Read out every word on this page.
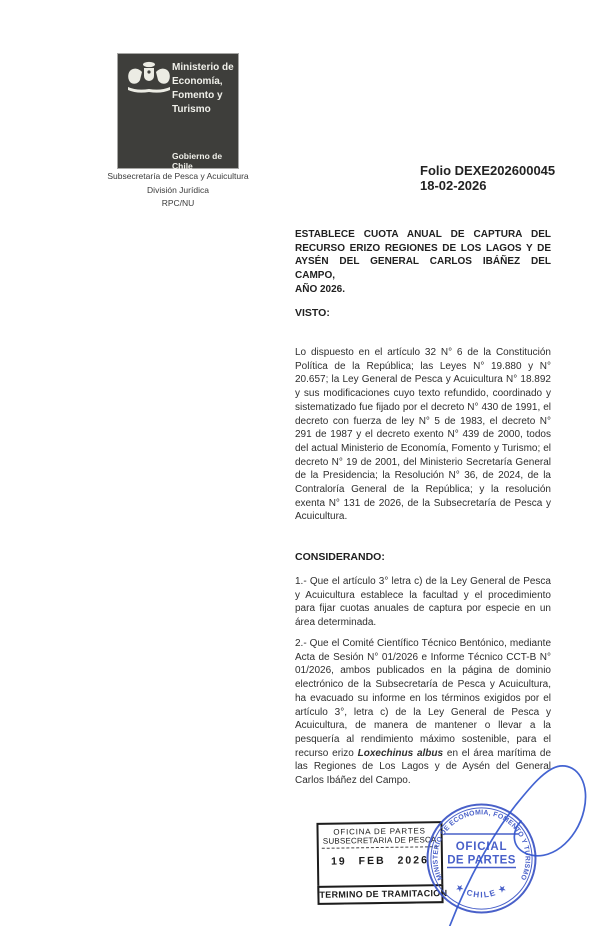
Ministerio de
Economía,
Fomento y
Turismo
Gobierno de Chile
Subsecretaría de Pesca y Acuicultura
División Jurídica
RPC/NU
Folio DEXE202600045
18-02-2026
ESTABLECE CUOTA ANUAL DE CAPTURA DEL
RECURSO ERIZO REGIONES DE LOS LAGOS Y DE
AYSÉN DEL GENERAL CARLOS IBÁÑEZ DEL CAMPO,
AÑO 2026.
VISTO:
Lo dispuesto en el artículo 32 N° 6 de la Constitución Política de la República; las Leyes N° 19.880 y N° 20.657; la Ley General de Pesca y Acuicultura N° 18.892 y sus modificaciones cuyo texto refundido, coordinado y sistematizado fue fijado por el decreto N° 430 de 1991, el decreto con fuerza de ley N° 5 de 1983, el decreto N° 291 de 1987 y el decreto exento N° 439 de 2000, todos del actual Ministerio de Economía, Fomento y Turismo; el decreto N° 19 de 2001, del Ministerio Secretaría General de la Presidencia; la Resolución N° 36, de 2024, de la Contraloría General de la República; y la resolución exenta N° 131 de 2026, de la Subsecretaría de Pesca y Acuicultura.
CONSIDERANDO:
1.- Que el artículo 3° letra c) de la Ley General de Pesca y Acuicultura establece la facultad y el procedimiento para fijar cuotas anuales de captura por especie en un área determinada.
2.- Que el Comité Científico Técnico Bentónico, mediante Acta de Sesión N° 01/2026 e Informe Técnico CCT-B N° 01/2026, ambos publicados en la página de dominio electrónico de la Subsecretaría de Pesca y Acuicultura, ha evacuado su informe en los términos exigidos por el artículo 3°, letra c) de la Ley General de Pesca y Acuicultura, de manera de mantener o llevar a la pesquería al rendimiento máximo sostenible, para el recurso erizo Loxechinus albus en el área marítima de las Regiones de Los Lagos y de Aysén del General Carlos Ibáñez del Campo.
OFICINA DE PARTES
SUBSECRETARIA DE PESCA
19 FEB 2026
TERMINO DE TRAMITACION
MINISTERIO DE ECONOMIA, FOMENTO Y TURISMO
★ CHILE ★
OFICIAL
DE PARTES
